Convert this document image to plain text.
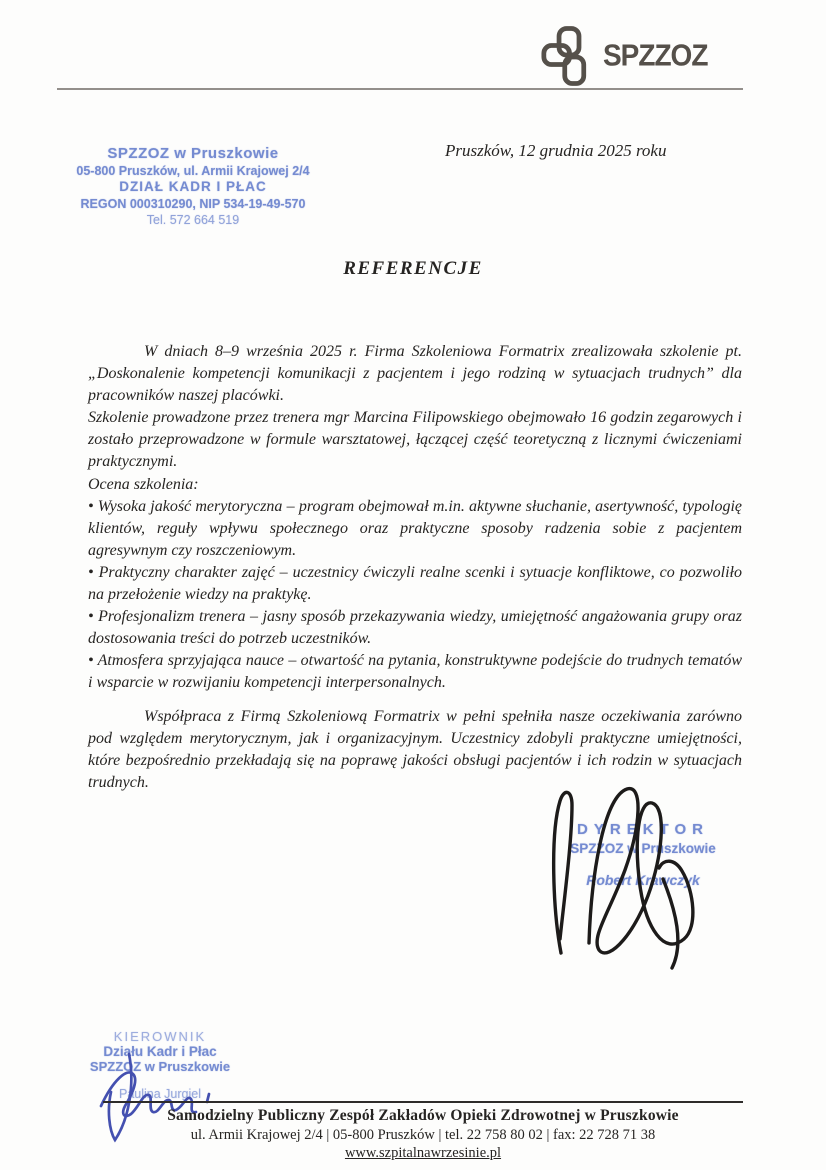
SPZZOZ
SPZZOZ w Pruszkowie
05-800 Pruszków, ul. Armii Krajowej 2/4
DZIAŁ KADR I PŁAC
REGON 000310290, NIP 534-19-49-570
Tel. 572 664 519
Pruszków, 12 grudnia 2025 roku
REFERENCJE

W dniach 8–9 września 2025 r. Firma Szkoleniowa Formatrix zrealizowała szkolenie pt. „Doskonalenie kompetencji komunikacji z pacjentem i jego rodziną w sytuacjach trudnych” dla pracowników naszej placówki.

Szkolenie prowadzone przez trenera mgr Marcina Filipowskiego obejmowało 16 godzin zegarowych i zostało przeprowadzone w formule warsztatowej, łączącej część teoretyczną z licznymi ćwiczeniami praktycznymi.

Ocena szkolenia:

• Wysoka jakość merytoryczna – program obejmował m.in. aktywne słuchanie, asertywność, typologię klientów, reguły wpływu społecznego oraz praktyczne sposoby radzenia sobie z pacjentem agresywnym czy roszczeniowym.

• Praktyczny charakter zajęć – uczestnicy ćwiczyli realne scenki i sytuacje konfliktowe, co pozwoliło na przełożenie wiedzy na praktykę.

• Profesjonalizm trenera – jasny sposób przekazywania wiedzy, umiejętność angażowania grupy oraz dostosowania treści do potrzeb uczestników.

• Atmosfera sprzyjająca nauce – otwartość na pytania, konstruktywne podejście do trudnych tematów i wsparcie w rozwijaniu kompetencji interpersonalnych.

Współpraca z Firmą Szkoleniową Formatrix w pełni spełniła nasze oczekiwania zarówno pod względem merytorycznym, jak i organizacyjnym. Uczestnicy zdobyli praktyczne umiejętności, które bezpośrednio przekładają się na poprawę jakości obsługi pacjentów i ich rodzin w sytuacjach trudnych.

DYREKTOR
SPZZOZ w Pruszkowie
Robert Krawczyk
KIEROWNIK
Działu Kadr i Płac
SPZZOZ w Pruszkowie
Paulina Jurgiel
Samodzielny Publiczny Zespół Zakładów Opieki Zdrowotnej w Pruszkowie
ul. Armii Krajowej 2/4 | 05-800 Pruszków | tel. 22 758 80 02 | fax: 22 728 71 38
www.szpitalnawrzesinie.pl
